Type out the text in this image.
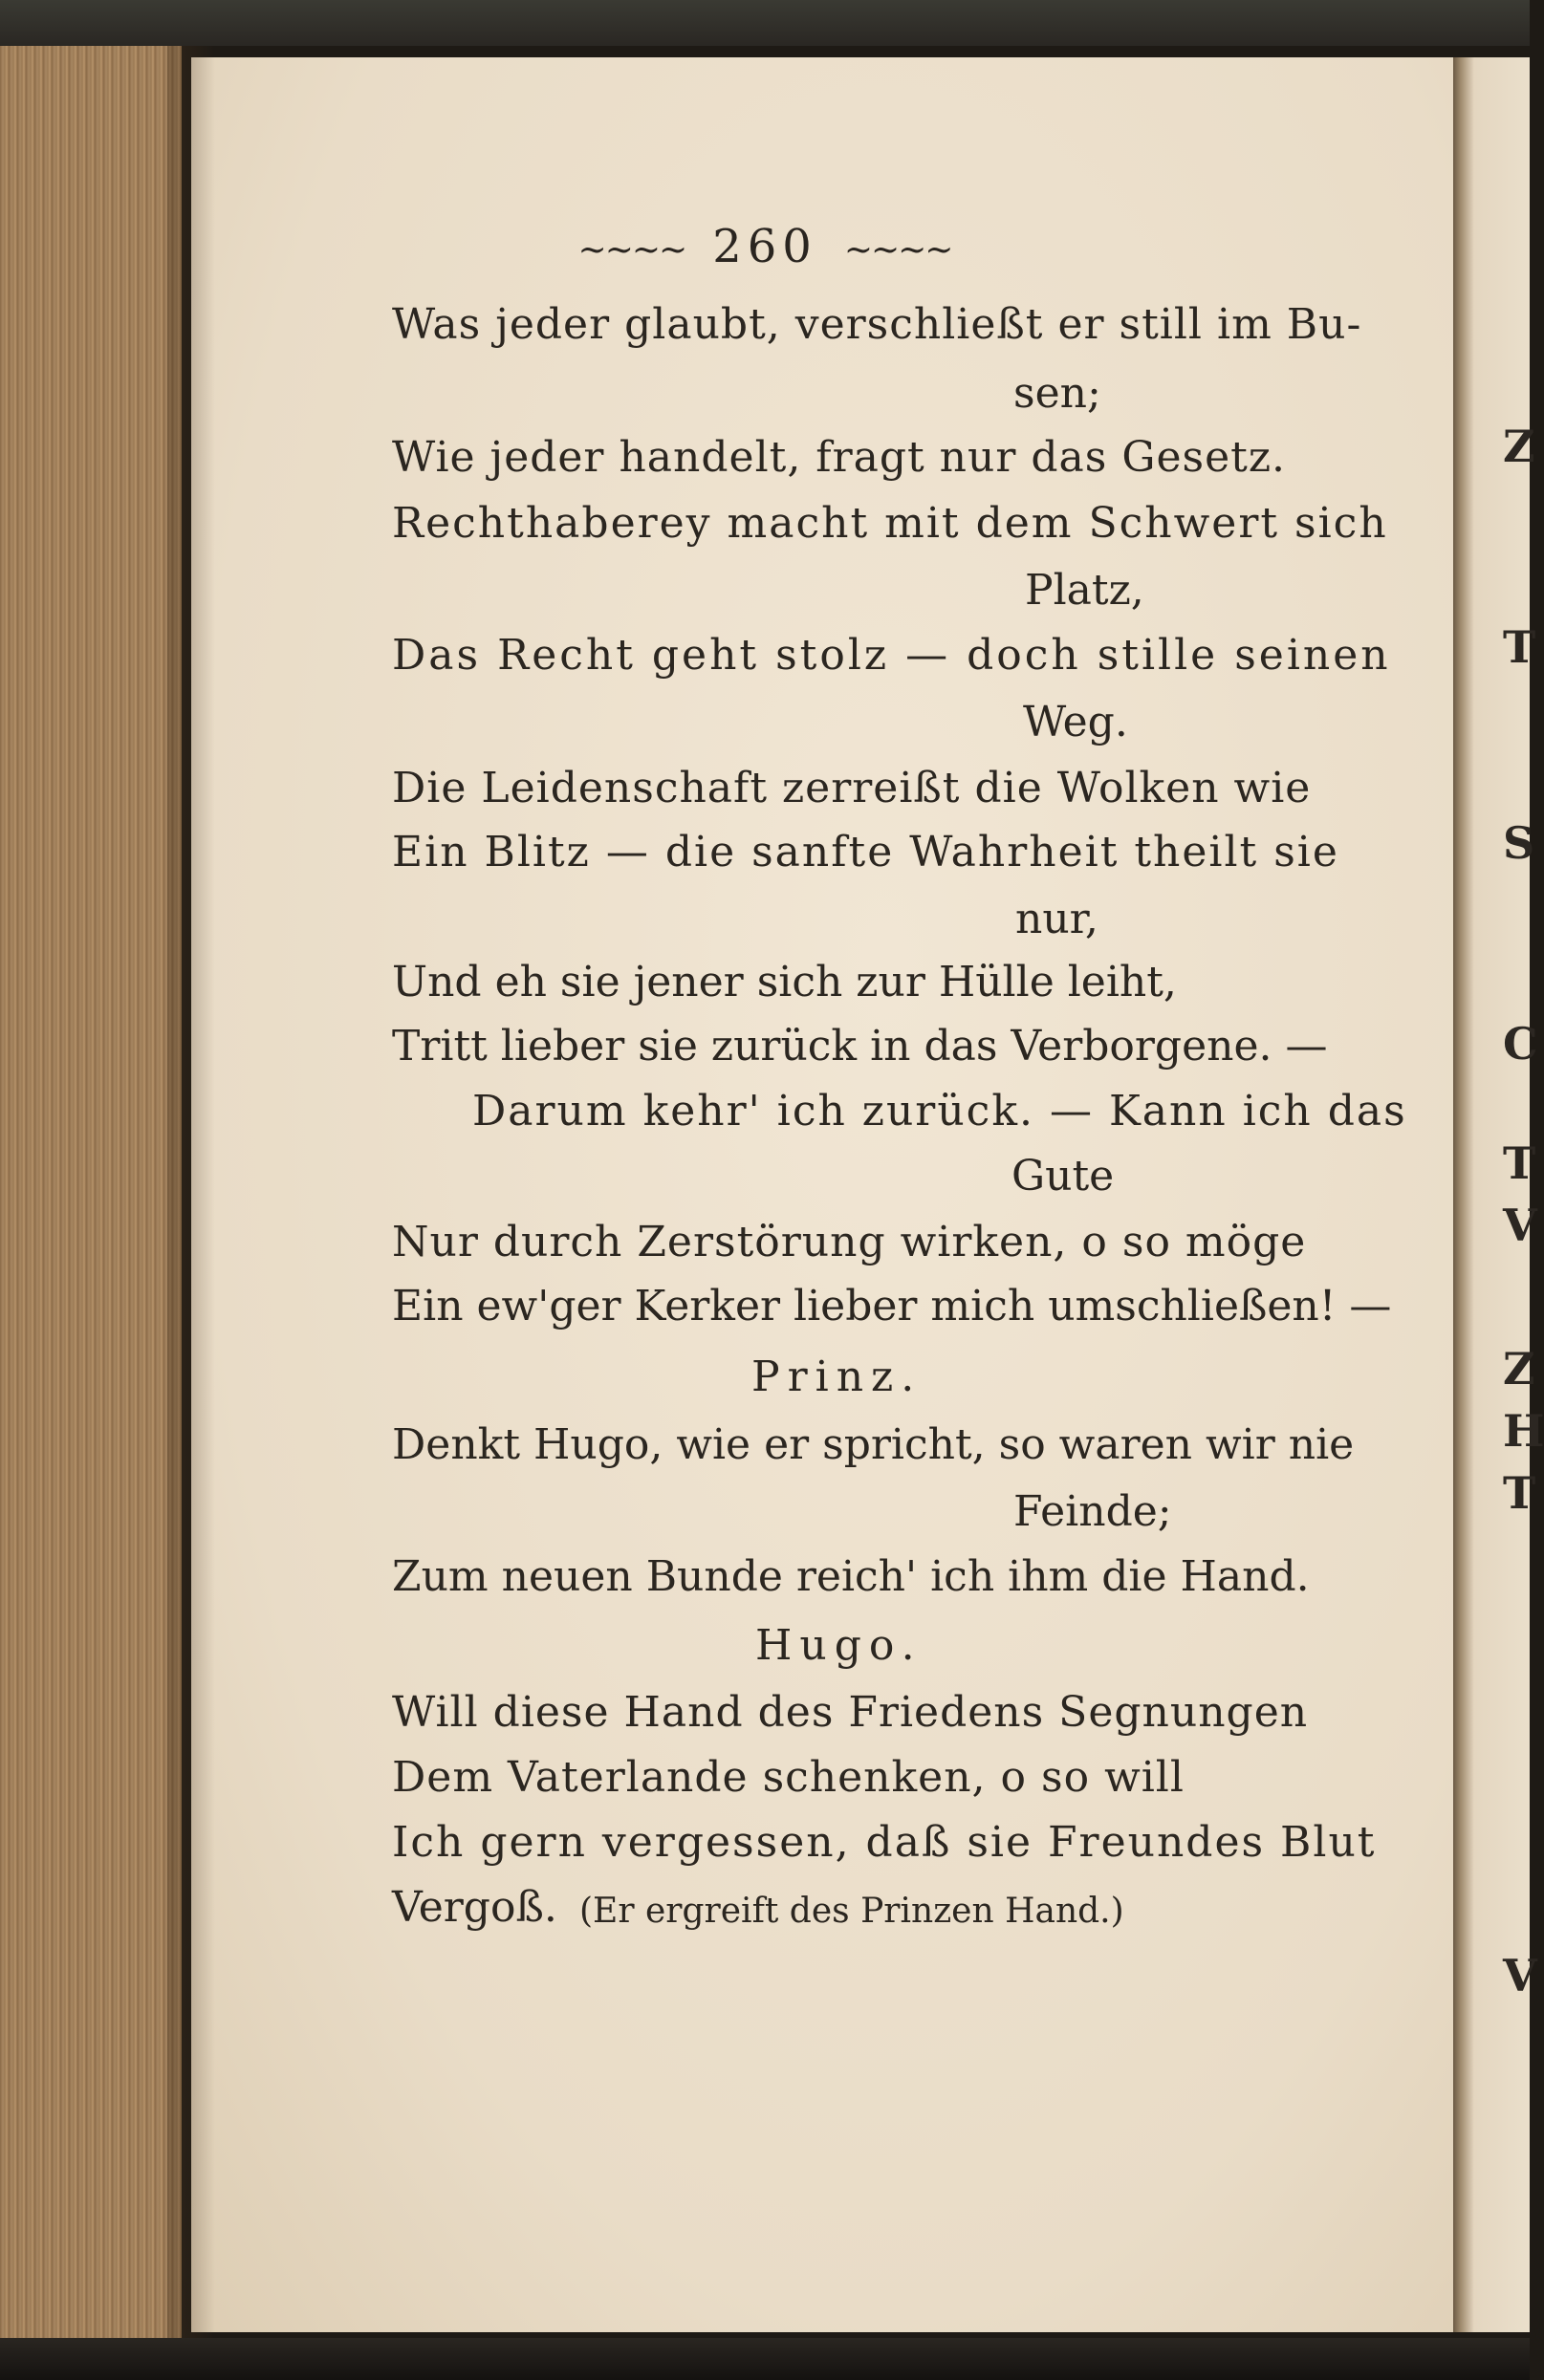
Z
T
S
C
T
V
Z
H
T
V
~~~~ 260 ~~~~

Was jeder glaubt, verschließt er still im Bu-

sen;

Wie jeder handelt, fragt nur das Gesetz.

Rechthaberey macht mit dem Schwert sich

Platz,

Das Recht geht stolz — doch stille seinen

Weg.

Die Leidenschaft zerreißt die Wolken wie

Ein Blitz — die sanfte Wahrheit theilt sie

nur,

Und eh sie jener sich zur Hülle leiht,

Tritt lieber sie zurück in das Verborgene. —

Darum kehr' ich zurück. — Kann ich das

Gute

Nur durch Zerstörung wirken, o so möge

Ein ew'ger Kerker lieber mich umschließen! —

Prinz.

Denkt Hugo, wie er spricht, so waren wir nie

Feinde;

Zum neuen Bunde reich' ich ihm die Hand.

Hugo.

Will diese Hand des Friedens Segnungen

Dem Vaterlande schenken, o so will

Ich gern vergessen, daß sie Freundes Blut

Vergoß. (Er ergreift des Prinzen Hand.)
